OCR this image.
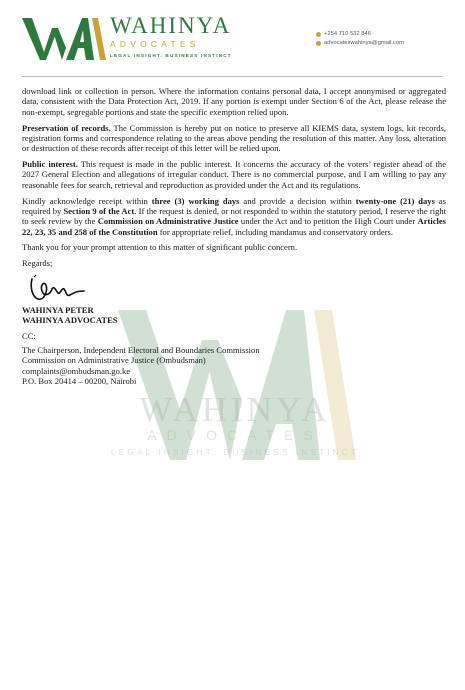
WAHINYA
ADVOCATES
LEGAL INSIGHT. BUSINESS INSTINCT
+254 710 532 846
advocateswahinya@gmail.com
WAHINYA
ADVOCATES
LEGAL INSIGHT. BUSINESS INSTINCT
download link or collection in person. Where the information contains personal data, I accept anonymised or aggregated data, consistent with the Data Protection Act, 2019. If any portion is exempt under Section 6 of the Act, please release the non-exempt, segregable portions and state the specific exemption relied upon.
Preservation of records. The Commission is hereby put on notice to preserve all KIEMS data, system logs, kit records, registration forms and correspondence relating to the areas above pending the resolution of this matter. Any loss, alteration or destruction of these records after receipt of this letter will be relied upon.
Public interest. This request is made in the public interest. It concerns the accuracy of the voters’ register ahead of the 2027 General Election and allegations of irregular conduct. There is no commercial purpose, and I am willing to pay any reasonable fees for search, retrieval and reproduction as provided under the Act and its regulations.
Kindly acknowledge receipt within three (3) working days and provide a decision within twenty-one (21) days as required by Section 9 of the Act. If the request is denied, or not responded to within the statutory period, I reserve the right to seek review by the Commission on Administrative Justice under the Act and to petition the High Court under Articles 22, 23, 35 and 258 of the Constitution for appropriate relief, including mandamus and conservatory orders.
Thank you for your prompt attention to this matter of significant public concern.
Regards;
WAHINYA PETER
WAHINYA ADVOCATES
CC:
The Chairperson, Independent Electoral and Boundaries Commission
Commission on Administrative Justice (Ombudsman)
complaints@ombudsman.go.ke
P.O. Box 20414 – 00200, Nairobi
